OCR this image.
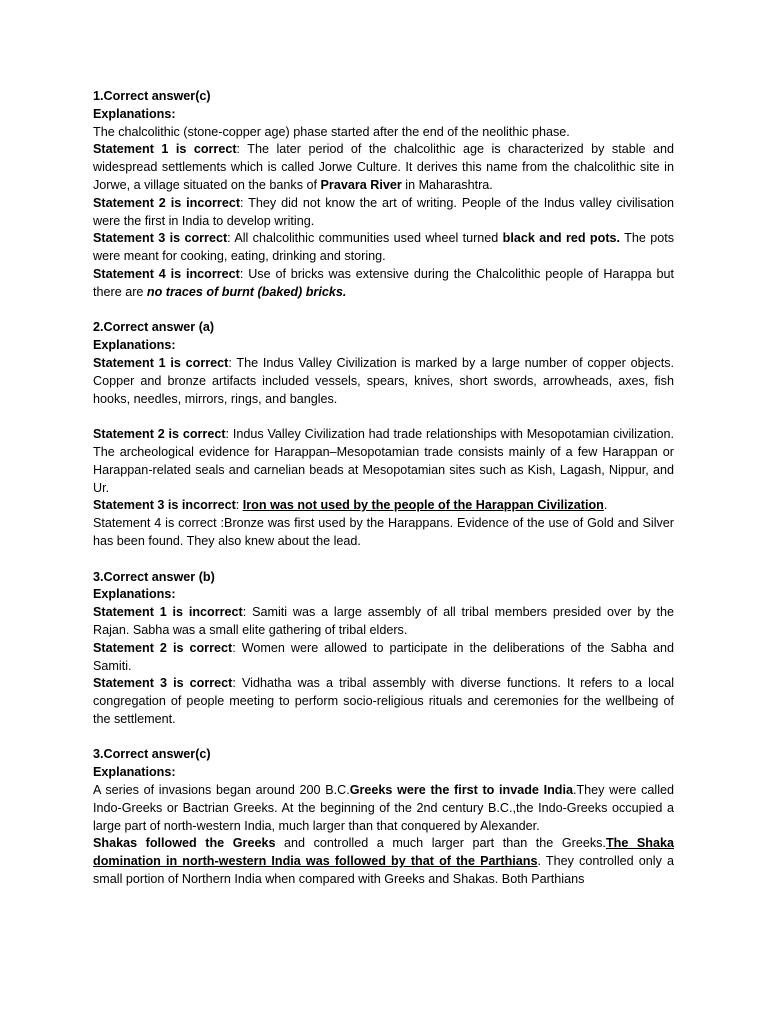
1.Correct answer(c)
Explanations:

The chalcolithic (stone-copper age) phase started after the end of the neolithic phase.

Statement 1 is correct: The later period of the chalcolithic age is characterized by stable and widespread settlements which is called Jorwe Culture. It derives this name from the chalcolithic site in Jorwe, a village situated on the banks of Pravara River in Maharashtra.

Statement 2 is incorrect: They did not know the art of writing. People of the Indus valley civilisation were the first in India to develop writing.

Statement 3 is correct: All chalcolithic communities used wheel turned black and red pots. The pots were meant for cooking, eating, drinking and storing.

Statement 4 is incorrect: Use of bricks was extensive during the Chalcolithic people of Harappa but there are no traces of burnt (baked) bricks.

2.Correct answer (a)
Explanations:

Statement 1 is correct: The Indus Valley Civilization is marked by a large number of copper objects. Copper and bronze artifacts included vessels, spears, knives, short swords, arrowheads, axes, fish hooks, needles, mirrors, rings, and bangles.

Statement 2 is correct: Indus Valley Civilization had trade relationships with Mesopotamian civilization. The archeological evidence for Harappan–Mesopotamian trade consists mainly of a few Harappan or Harappan-related seals and carnelian beads at Mesopotamian sites such as Kish, Lagash, Nippur, and Ur.

Statement 3 is incorrect: Iron was not used by the people of the Harappan Civilization.

Statement 4 is correct :Bronze was first used by the Harappans. Evidence of the use of Gold and Silver has been found. They also knew about the lead.

3.Correct answer (b)
Explanations:

Statement 1 is incorrect: Samiti was a large assembly of all tribal members presided over by the Rajan. Sabha was a small elite gathering of tribal elders.

Statement 2 is correct: Women were allowed to participate in the deliberations of the Sabha and Samiti.

Statement 3 is correct: Vidhatha was a tribal assembly with diverse functions. It refers to a local congregation of people meeting to perform socio-religious rituals and ceremonies for the wellbeing of the settlement.

3.Correct answer(c)
Explanations:

A series of invasions began around 200 B.C.Greeks were the first to invade India.They were called Indo-Greeks or Bactrian Greeks. At the beginning of the 2nd century B.C.,the Indo-Greeks occupied a large part of north-western India, much larger than that conquered by Alexander.

Shakas followed the Greeks and controlled a much larger part than the Greeks.The Shaka domination in north-western India was followed by that of the Parthians. They controlled only a small portion of Northern India when compared with Greeks and Shakas. Both Parthians
